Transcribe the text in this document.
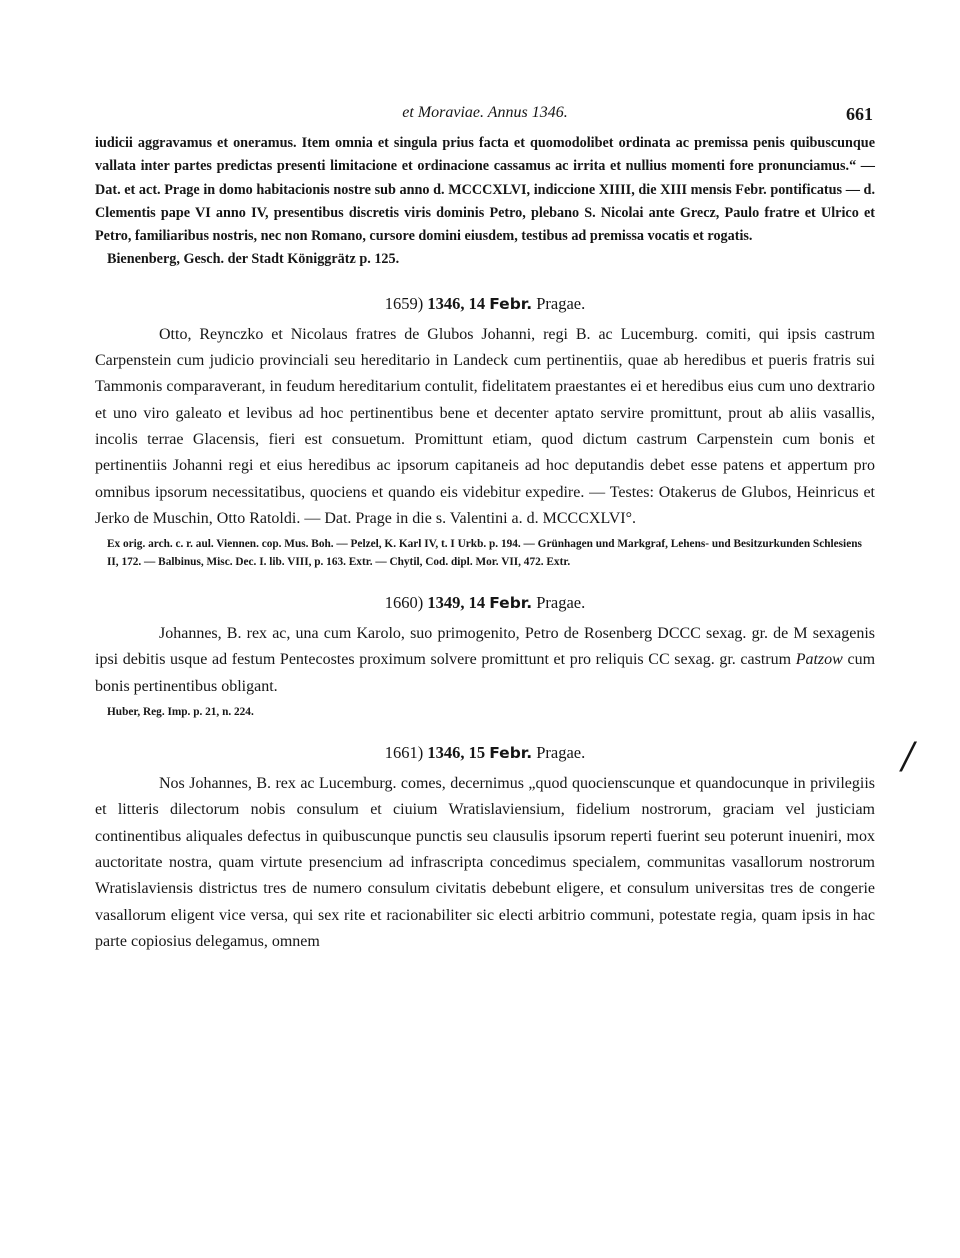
et Moraviae. Annus 1346.	661

iudicii aggravamus et oneramus. Item omnia et singula prius facta et quomodolibet ordinata ac premissa penis quibuscunque vallata inter partes predictas presenti limitacione et ordinacione cassamus ac irrita et nullius momenti fore pronunciamus.“ — Dat. et act. Prage in domo habitacionis nostre sub anno d. MCCCXLVI, indiccione XIIII, die XIII mensis Febr. pontificatus — d. Clementis pape VI anno IV, presentibus discretis viris dominis Petro, plebano S. Nicolai ante Grecz, Paulo fratre et Ulrico et Petro, familiaribus nostris, nec non Romano, cursore domini eiusdem, testibus ad premissa vocatis et rogatis.

Bienenberg, Gesch. der Stadt Königgrätz p. 125.

1659) 1346, 14 Febr. Pragae.

Otto, Reynczko et Nicolaus fratres de Glubos Johanni, regi B. ac Lucemburg. comiti, qui ipsis castrum Carpenstein cum judicio provinciali seu hereditario in Landeck cum pertinentiis, quae ab heredibus et pueris fratris sui Tammonis comparaverant, in feudum hereditarium contulit, fidelitatem praestantes ei et heredibus eius cum uno dextrario et uno viro galeato et levibus ad hoc pertinentibus bene et decenter aptato servire promittunt, prout ab aliis vasallis, incolis terrae Glacensis, fieri est consuetum. Promittunt etiam, quod dictum castrum Carpenstein cum bonis et pertinentiis Johanni regi et eius heredibus ac ipsorum capitaneis ad hoc deputandis debet esse patens et appertum pro omnibus ipsorum necessitatibus, quociens et quando eis videbitur expedire. — Testes: Otakerus de Glubos, Heinricus et Jerko de Muschin, Otto Ratoldi. — Dat. Prage in die s. Valentini a. d. MCCCXLVI°.

Ex orig. arch. c. r. aul. Viennen. cop. Mus. Boh. — Pelzel, K. Karl IV, t. I Urkb. p. 194. — Grünhagen und Markgraf, Lehens- und Besitzurkunden Schlesiens II, 172. — Balbinus, Misc. Dec. I. lib. VIII, p. 163. Extr. — Chytil, Cod. dipl. Mor. VII, 472. Extr.

1660) 1349, 14 Febr. Pragae.

Johannes, B. rex ac, una cum Karolo, suo primogenito, Petro de Rosenberg DCCC sexag. gr. de M sexagenis ipsi debitis usque ad festum Pentecostes proximum solvere promittunt et pro reliquis CC sexag. gr. castrum Patzow cum bonis pertinentibus obligant.

Huber, Reg. Imp. p. 21, n. 224.

1661) 1346, 15 Febr. Pragae.

Nos Johannes, B. rex ac Lucemburg. comes, decernimus „quod quocienscunque et quandocunque in privilegiis et litteris dilectorum nobis consulum et ciuium Wratislaviensium, fidelium nostrorum, graciam vel justiciam continentibus aliquales defectus in quibuscunque punctis seu clausulis ipsorum reperti fuerint seu poterunt inueniri, mox auctoritate nostra, quam virtute presencium ad infrascripta concedimus specialem, communitas vasallorum nostrorum Wratislaviensis districtus tres de numero consulum civitatis debebunt eligere, et consulum universitas tres de congerie vasallorum eligent vice versa, qui sex rite et racionabiliter sic electi arbitrio communi, potestate regia, quam ipsis in hac parte copiosius delegamus, omnem

/
